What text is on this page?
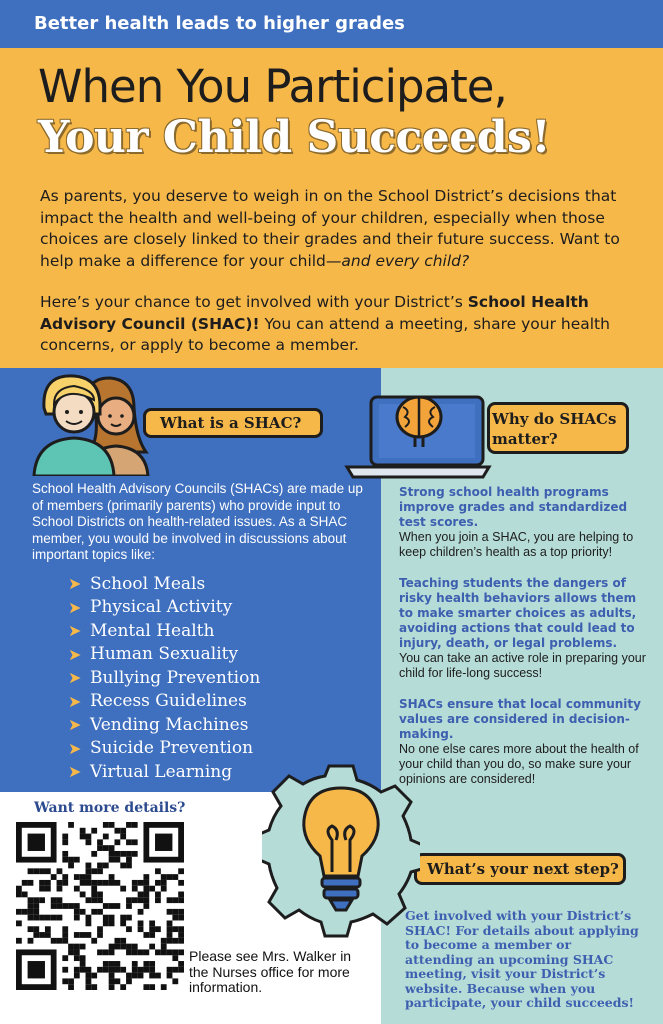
Better health leads to higher grades
When You Participate,
Your Child Succeeds!

As parents, you deserve to weigh in on the School District’s decisions that impact the health and well-being of your children, especially when those choices are closely linked to their grades and their future success. Want to help make a difference for your child—and every child?

Here’s your chance to get involved with your District’s School Health Advisory Council (SHAC)! You can attend a meeting, share your health concerns, or apply to become a member.

What is a SHAC?
School Health Advisory Councils (SHACs) are made up of members (primarily parents) who provide input to School Districts on health-related issues. As a SHAC member, you would be involved in discussions about important topics like:
➤ School Meals
➤ Physical Activity
➤ Mental Health
➤ Human Sexuality
➤ Bullying Prevention
➤ Recess Guidelines
➤ Vending Machines
➤ Suicide Prevention
➤ Virtual Learning
Why do SHACs matter?
Strong school health programs improve grades and standardized test scores.
When you join a SHAC, you are helping to keep children’s health as a top priority!
Teaching students the dangers of risky health behaviors allows them to make smarter choices as adults, avoiding actions that could lead to injury, death, or legal problems.
You can take an active role in preparing your child for life-long success!
SHACs ensure that local community values are considered in decision-making.
No one else cares more about the health of your child than you do, so make sure your opinions are considered!
What’s your next step?
Get involved with your District’s SHAC! For details about applying to become a member or attending an upcoming SHAC meeting, visit your District’s website. Because when you participate, your child succeeds!
Want more details?
Please see Mrs. Walker in the Nurses office for more information.
